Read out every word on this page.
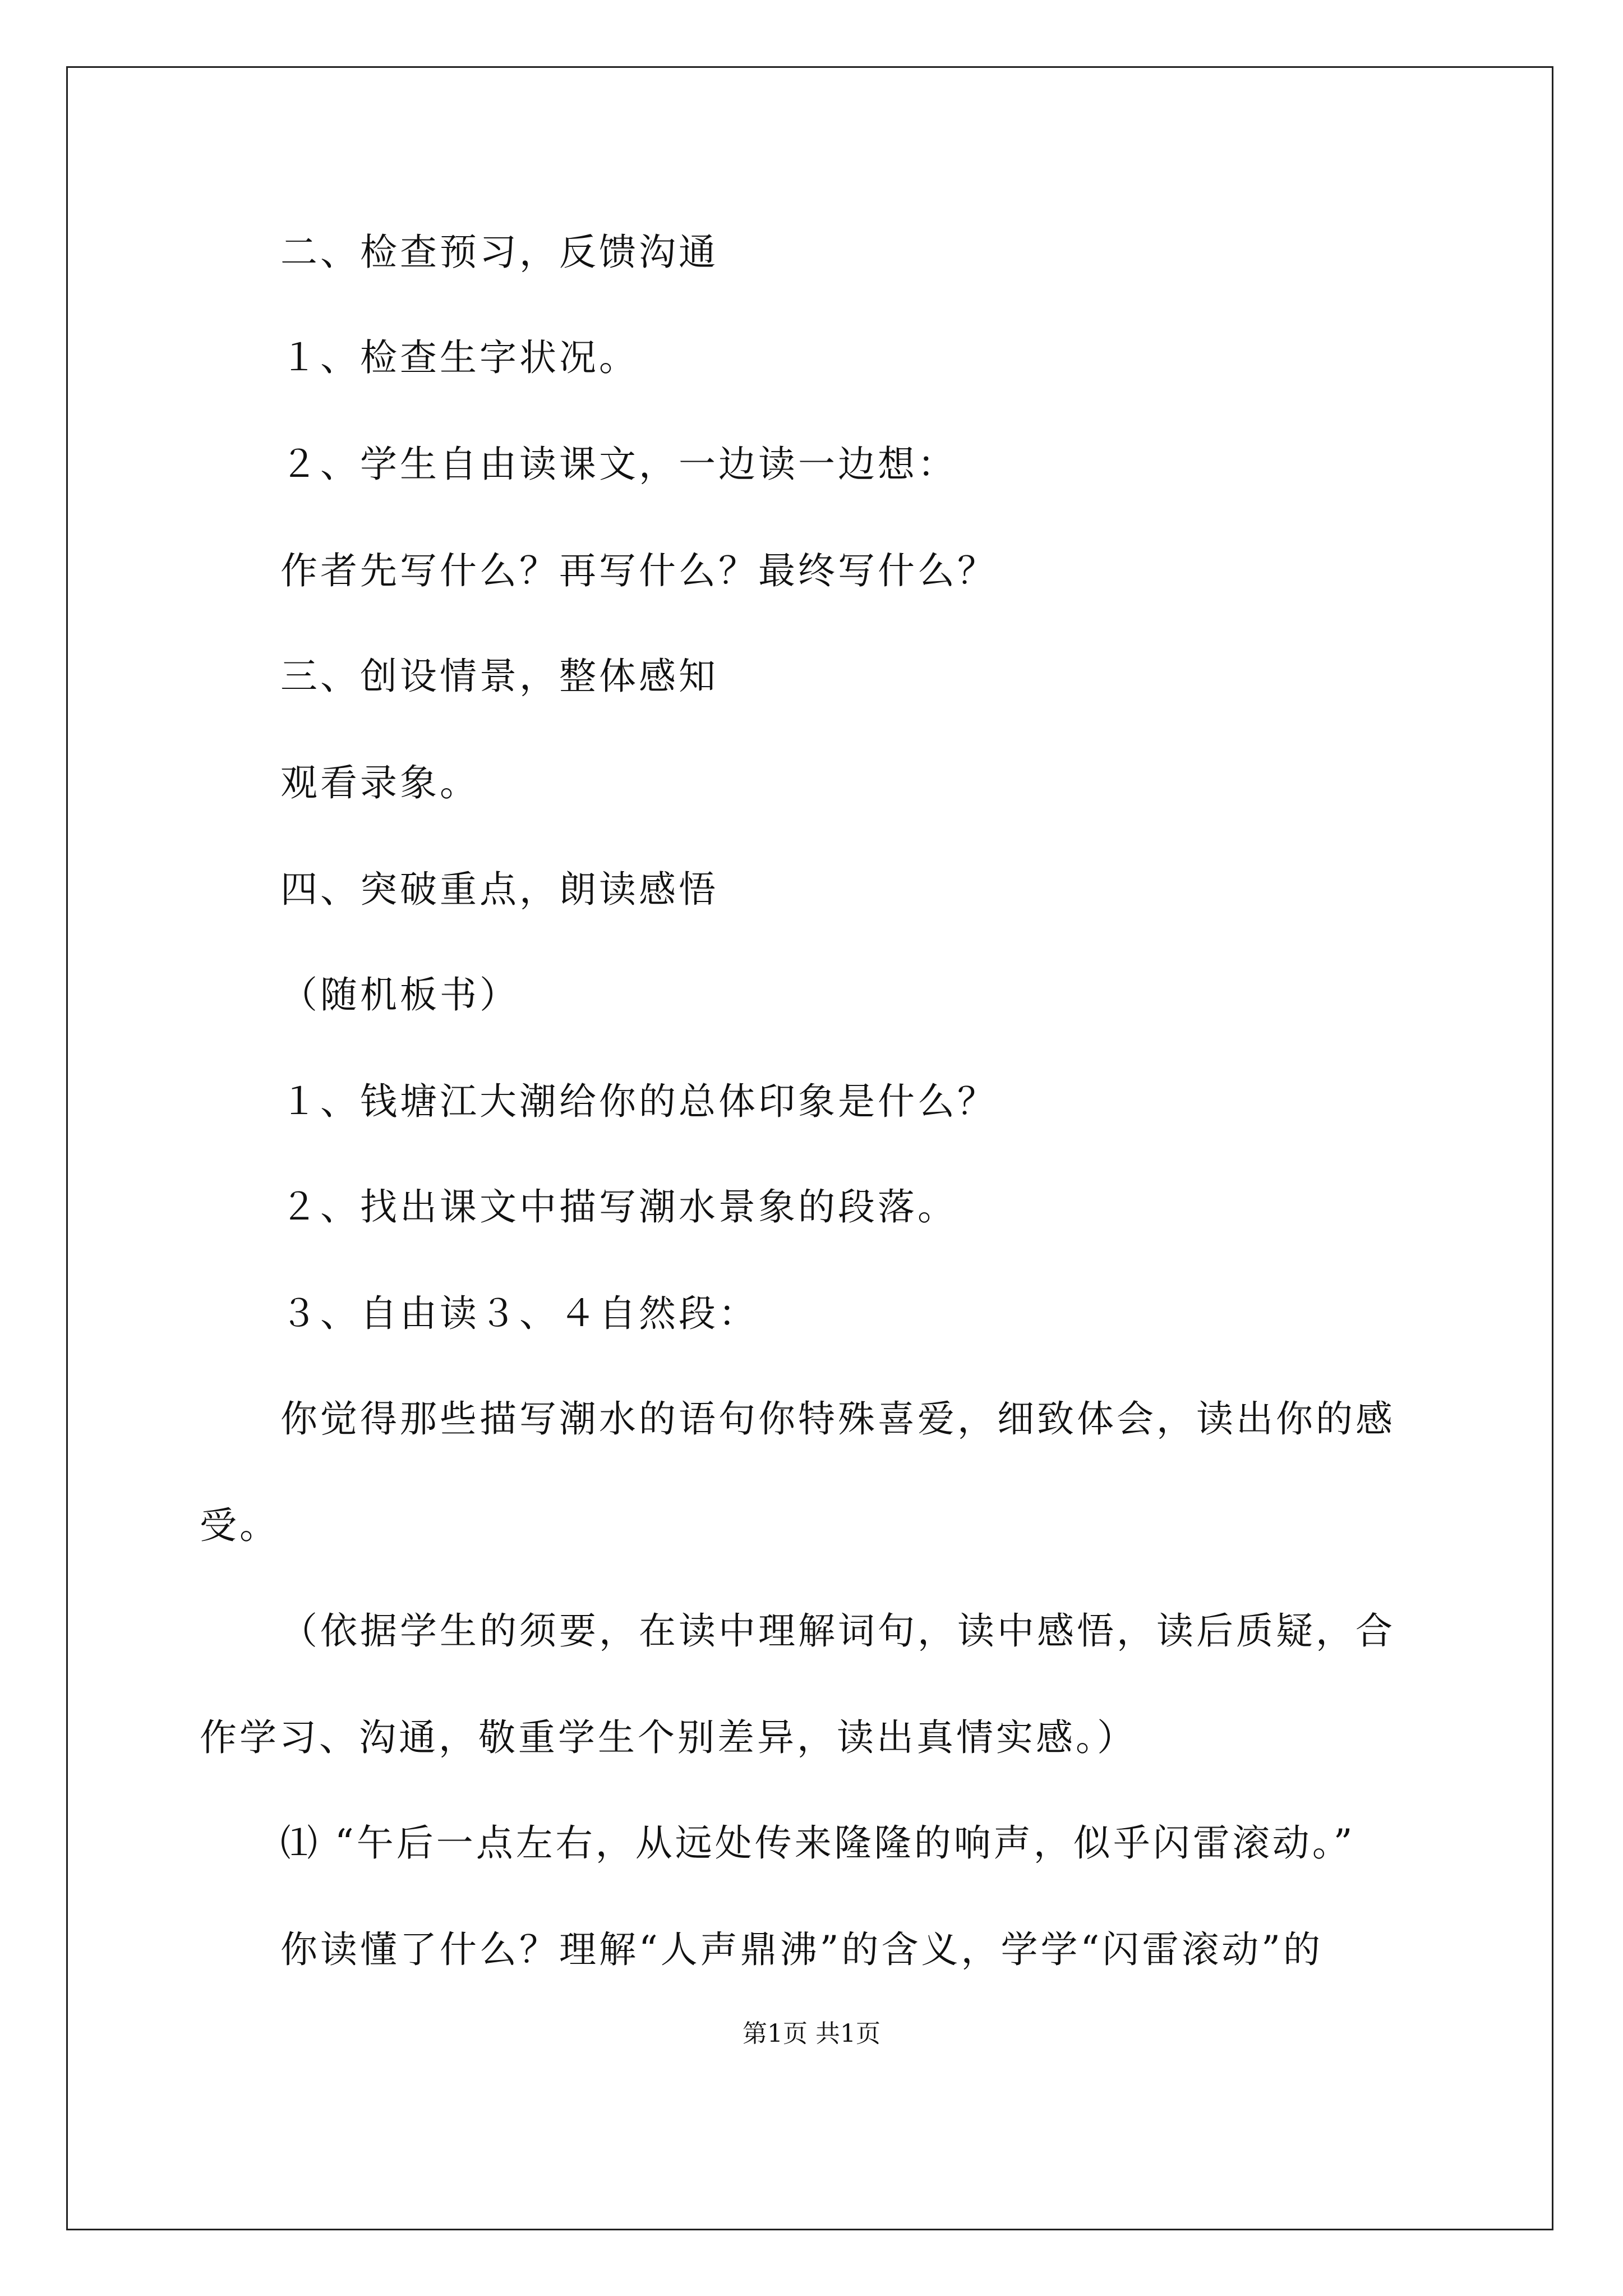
二、检查预习，反馈沟通
１、检查生字状况。
２、学生自由读课文，一边读一边想：
作者先写什么？再写什么？最终写什么？
三、创设情景，整体感知
观看录象。
四、突破重点，朗读感悟
（随机板书）
１、钱塘江大潮给你的总体印象是什么？
２、找出课文中描写潮水景象的段落。
３、自由读３、４自然段：
你觉得那些描写潮水的语句你特殊喜爱，细致体会，读出你的感
受。
（依据学生的须要，在读中理解词句，读中感悟，读后质疑，合
作学习、沟通，敬重学生个别差异，读出真情实感。）
⑴ “午后一点左右，从远处传来隆隆的响声，似乎闪雷滚动。”
你读懂了什么？理解“人声鼎沸”的含义，学学“闪雷滚动”的
第1页 共1页
